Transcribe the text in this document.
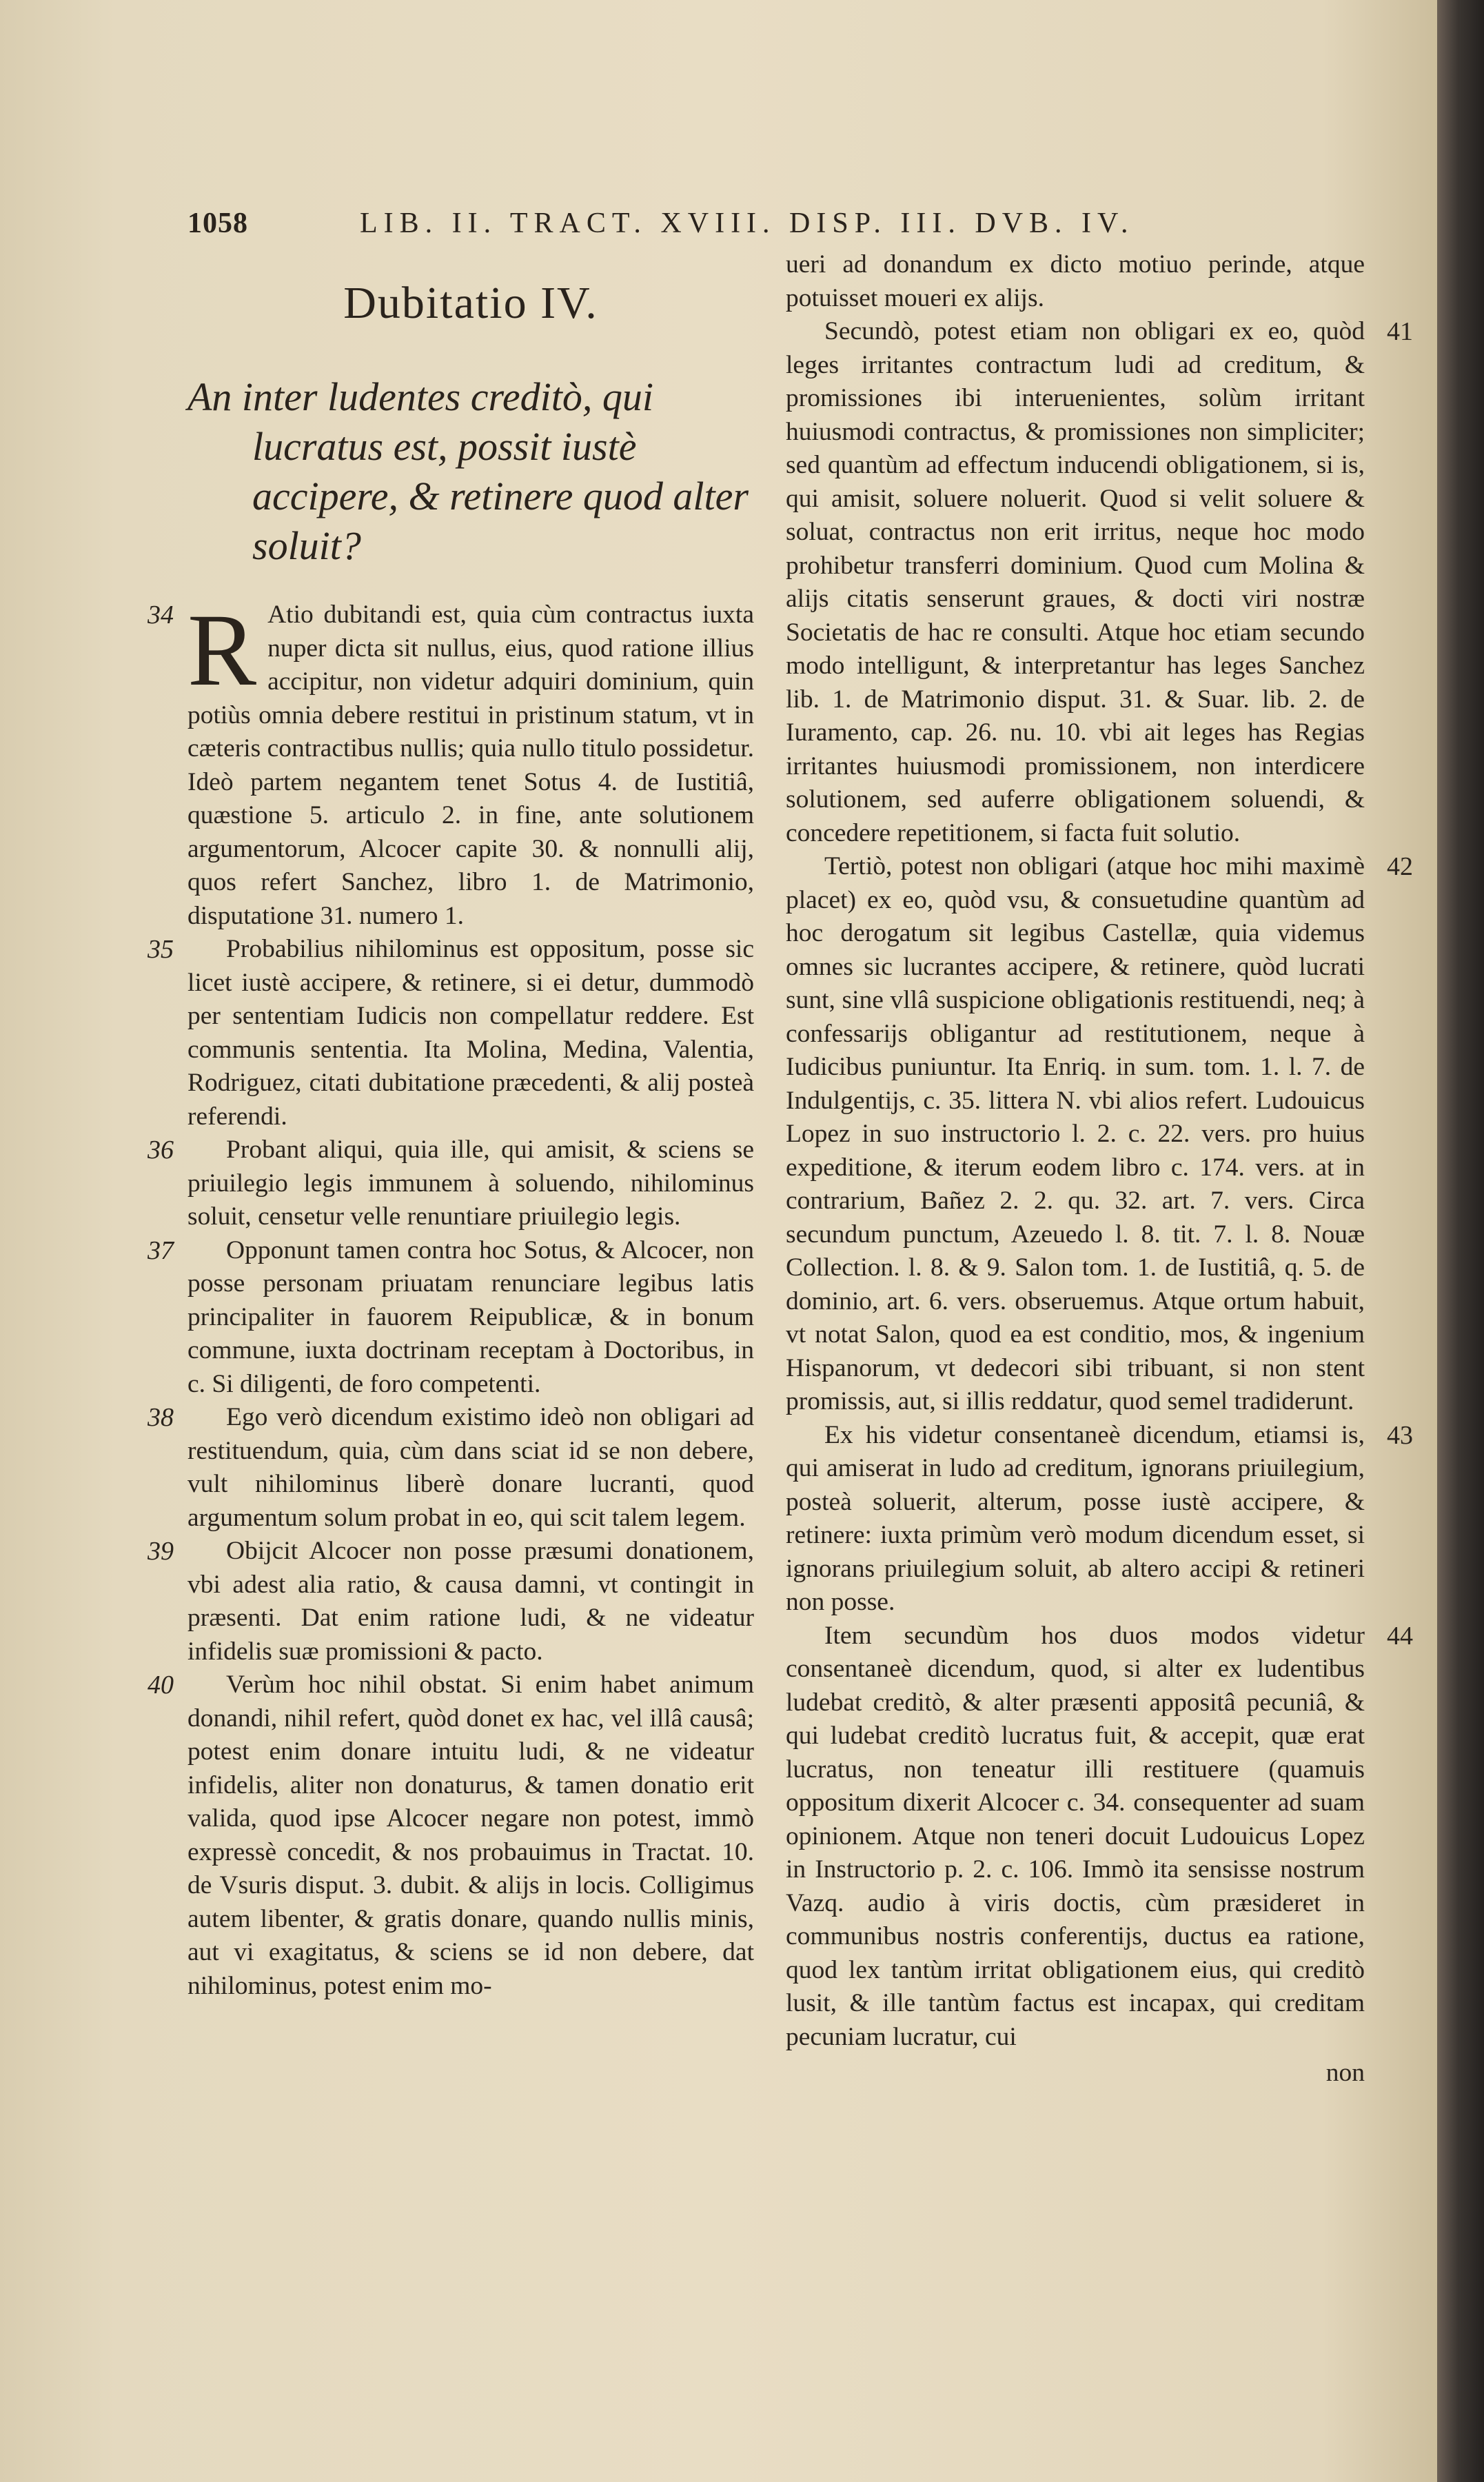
1058	LIB. II. TRACT. XVIII. DISP. III. DVB. IV.
Dubitatio IV.
An inter ludentes creditò, qui lucratus est, possit iustè accipere, & retinere quod alter soluit?

34 R Atio dubitandi est, quia cùm contractus iuxta nuper dicta sit nullus, eius, quod ratione illius accipitur, non videtur adquiri dominium, quin potiùs omnia debere restitui in pristinum statum, vt in cæteris contractibus nullis; quia nullo titulo possidetur. Ideò partem negantem tenet Sotus 4. de Iustitiâ, quæstione 5. articulo 2. in fine, ante solutionem argumentorum, Alcocer capite 30. & nonnulli alij, quos refert Sanchez, libro 1. de Matrimonio, disputatione 31. numero 1.

35 Probabilius nihilominus est oppositum, posse sic licet iustè accipere, & retinere, si ei detur, dummodò per sententiam Iudicis non compellatur reddere. Est communis sententia. Ita Molina, Medina, Valentia, Rodriguez, citati dubitatione præcedenti, & alij posteà referendi.

36 Probant aliqui, quia ille, qui amisit, & sciens se priuilegio legis immunem à soluendo, nihilominus soluit, censetur velle renuntiare priuilegio legis.

37 Opponunt tamen contra hoc Sotus, & Alcocer, non posse personam priuatam renunciare legibus latis principaliter in fauorem Reipublicæ, & in bonum commune, iuxta doctrinam receptam à Doctoribus, in c. Si diligenti, de foro competenti.

38 Ego verò dicendum existimo ideò non obligari ad restituendum, quia, cùm dans sciat id se non debere, vult nihilominus liberè donare lucranti, quod argumentum solum probat in eo, qui scit talem legem.

39 Obijcit Alcocer non posse præsumi donationem, vbi adest alia ratio, & causa damni, vt contingit in præsenti. Dat enim ratione ludi, & ne videatur infidelis suæ promissioni & pacto.

40 Verùm hoc nihil obstat. Si enim habet animum donandi, nihil refert, quòd donet ex hac, vel illâ causâ; potest enim donare intuitu ludi, & ne videatur infidelis, aliter non donaturus, & tamen donatio erit valida, quod ipse Alcocer negare non potest, immò expressè concedit, & nos probauimus in Tractat. 10. de Vsuris disput. 3. dubit. & alijs in locis. Colligimus autem libenter, & gratis donare, quando nullis minis, aut vi exagitatus, & sciens se id non debere, dat nihilominus, potest enim mo-

ueri ad donandum ex dicto motiuo perinde, atque potuisset moueri ex alijs.

41
Secundò, potest etiam non obligari ex eo, quòd leges irritantes contractum ludi ad creditum, & promissiones ibi interuenientes, solùm irritant huiusmodi contractus, & promissiones non simpliciter; sed quantùm ad effectum inducendi obligationem, si is, qui amisit, soluere noluerit. Quod si velit soluere & soluat, contractus non erit irritus, neque hoc modo prohibetur transferri dominium. Quod cum Molina & alijs citatis senserunt graues, & docti viri nostræ Societatis de hac re consulti. Atque hoc etiam secundo modo intelligunt, & interpretantur has leges Sanchez lib. 1. de Matrimonio disput. 31. & Suar. lib. 2. de Iuramento, cap. 26. nu. 10. vbi ait leges has Regias irritantes huiusmodi promissionem, non interdicere solutionem, sed auferre obligationem soluendi, & concedere repetitionem, si facta fuit solutio.

42
Tertiò, potest non obligari (atque hoc mihi maximè placet) ex eo, quòd vsu, & consuetudine quantùm ad hoc derogatum sit legibus Castellæ, quia videmus omnes sic lucrantes accipere, & retinere, quòd lucrati sunt, sine vllâ suspicione obligationis restituendi, neq; à confessarijs obligantur ad restitutionem, neque à Iudicibus puniuntur. Ita Enriq. in sum. tom. 1. l. 7. de Indulgentijs, c. 35. littera N. vbi alios refert. Ludouicus Lopez in suo instructorio l. 2. c. 22. vers. pro huius expeditione, & iterum eodem libro c. 174. vers. at in contrarium, Bañez 2. 2. qu. 32. art. 7. vers. Circa secundum punctum, Azeuedo l. 8. tit. 7. l. 8. Nouæ Collection. l. 8. & 9. Salon tom. 1. de Iustitiâ, q. 5. de dominio, art. 6. vers. obseruemus. Atque ortum habuit, vt notat Salon, quod ea est conditio, mos, & ingenium Hispanorum, vt dedecori sibi tribuant, si non stent promissis, aut, si illis reddatur, quod semel tradiderunt.

43
Ex his videtur consentaneè dicendum, etiamsi is, qui amiserat in ludo ad creditum, ignorans priuilegium, posteà soluerit, alterum, posse iustè accipere, & retinere: iuxta primùm verò modum dicendum esset, si ignorans priuilegium soluit, ab altero accipi & retineri non posse.

44
Item secundùm hos duos modos videtur consentaneè dicendum, quod, si alter ex ludentibus ludebat creditò, & alter præsenti appositâ pecuniâ, & qui ludebat creditò lucratus fuit, & accepit, quæ erat lucratus, non teneatur illi restituere (quamuis oppositum dixerit Alcocer c. 34. consequenter ad suam opinionem. Atque non teneri docuit Ludouicus Lopez in Instructorio p. 2. c. 106. Immò ita sensisse nostrum Vazq. audio à viris doctis, cùm præsideret in communibus nostris conferentijs, ductus ea ratione, quod lex tantùm irritat obligationem eius, qui creditò lusit, & ille tantùm factus est incapax, qui creditam pecuniam lucratur, cui

non
